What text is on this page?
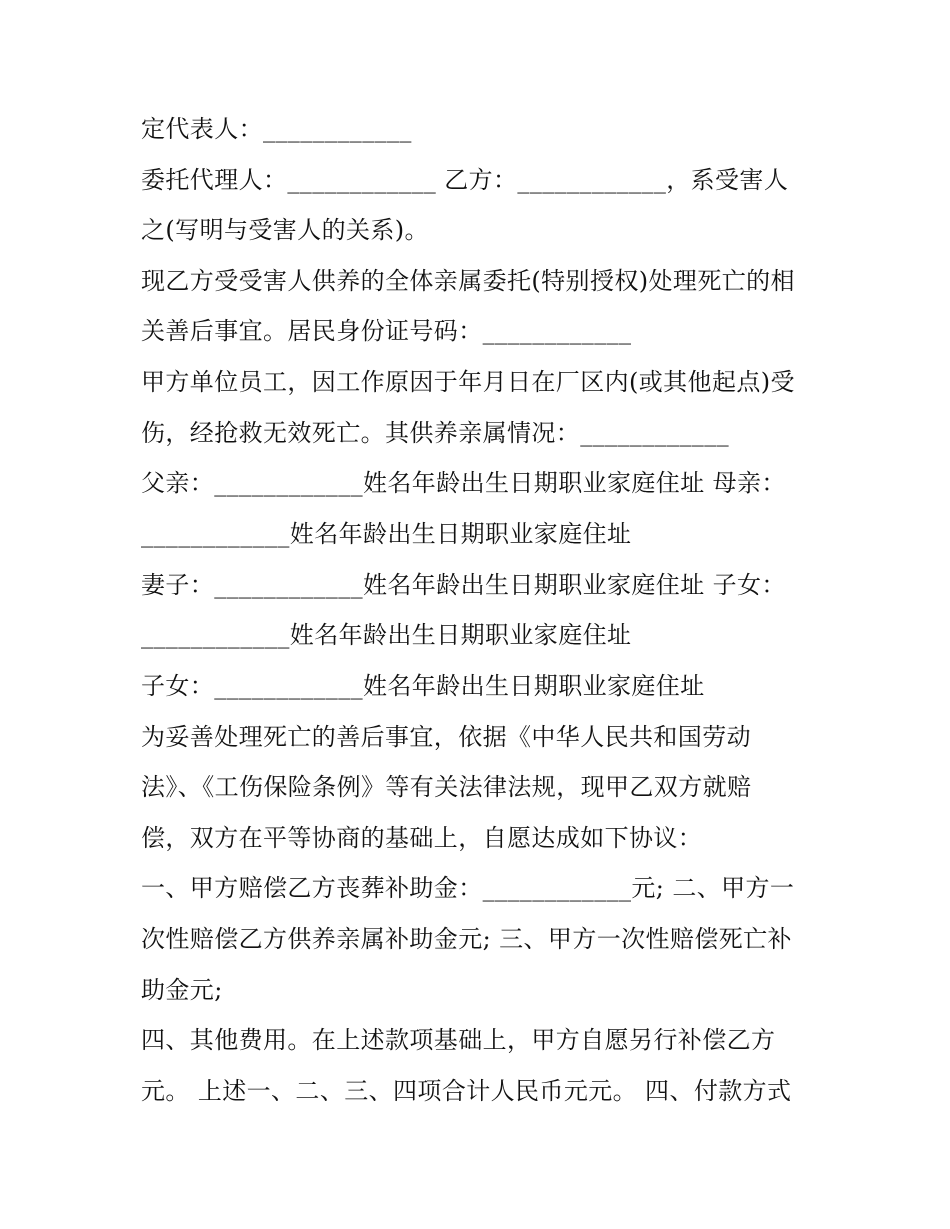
定代表人：____________
委托代理人：____________ 乙方：____________，系受害人
之(写明与受害人的关系)。
现乙方受受害人供养的全体亲属委托(特别授权)处理死亡的相
关善后事宜。居民身份证号码：____________
甲方单位员工，因工作原因于年月日在厂区内(或其他起点)受
伤，经抢救无效死亡。其供养亲属情况：____________
父亲：____________姓名年龄出生日期职业家庭住址 母亲：
____________姓名年龄出生日期职业家庭住址
妻子：____________姓名年龄出生日期职业家庭住址 子女：
____________姓名年龄出生日期职业家庭住址
子女：____________姓名年龄出生日期职业家庭住址
为妥善处理死亡的善后事宜，依据《中华人民共和国劳动
法》、《工伤保险条例》等有关法律法规，现甲乙双方就赔
偿，双方在平等协商的基础上，自愿达成如下协议：
一、甲方赔偿乙方丧葬补助金：____________元; 二、甲方一
次性赔偿乙方供养亲属补助金元; 三、甲方一次性赔偿死亡补
助金元;
四、其他费用。在上述款项基础上，甲方自愿另行补偿乙方
元。 上述一、二、三、四项合计人民币元元。 四、付款方式
